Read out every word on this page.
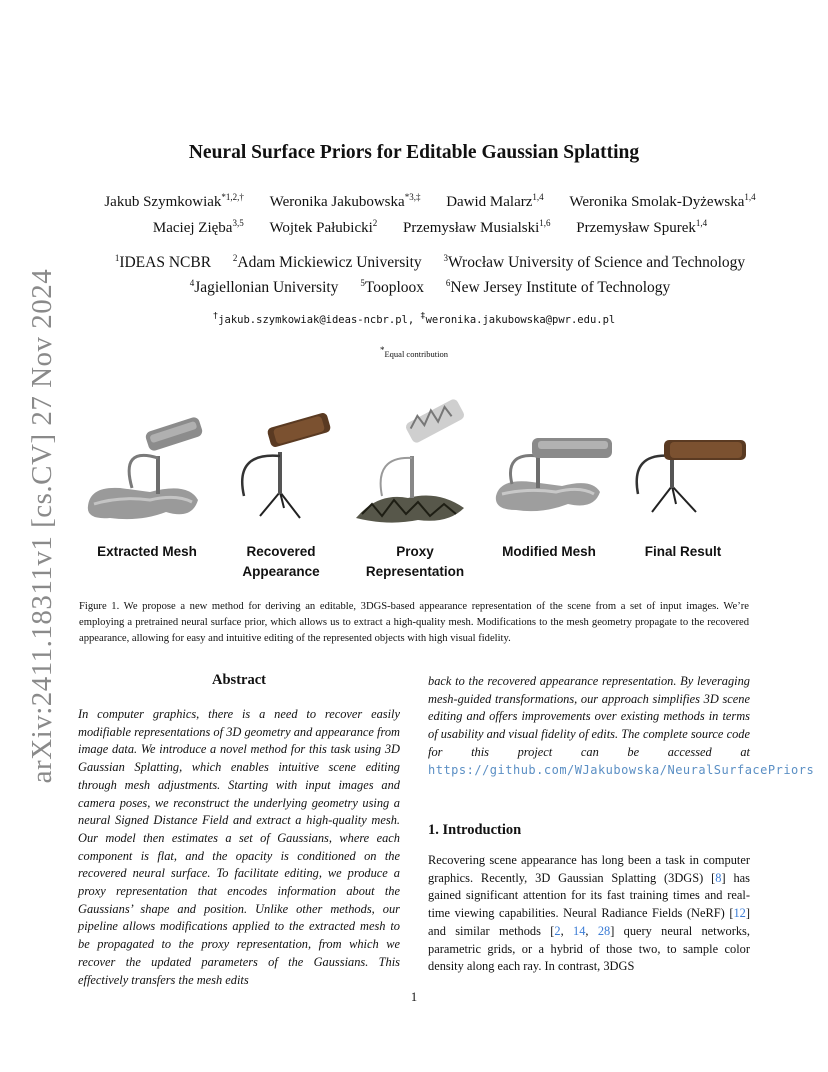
arXiv:2411.18311v1 [cs.CV] 27 Nov 2024
Neural Surface Priors for Editable Gaussian Splatting
Jakub Szymkowiak$^{*1,2,\dagger}$ Weronika Jakubowska$^{*3,\ddagger}$ Dawid Malarz$^{1,4}$ Weronika Smolak-Dyżewska$^{1,4}$
Maciej Zięba$^{3,5}$ Wojtek Pałubicki$^2$ Przemysław Musialski$^{1,6}$ Przemysław Spurek$^{1,4}$
$^1$IDEAS NCBR $^2$Adam Mickiewicz University $^3$Wrocław University of Science and Technology
$^4$Jagiellonian University $^5$Tooploox $^6$New Jersey Institute of Technology
†jakub.szymkowiak@ideas-ncbr.pl, ‡weronika.jakubowska@pwr.edu.pl
*Equal contribution
Extracted Mesh	Recovered
Appearance
Proxy
Representation
Modified Mesh	Final Result
Figure 1. We propose a new method for deriving an editable, 3DGS-based appearance representation of the scene from a set of input images. We’re employing a pretrained neural surface prior, which allows us to extract a high-quality mesh. Modifications to the mesh geometry propagate to the recovered appearance, allowing for easy and intuitive editing of the represented objects with high visual fidelity.
Abstract
In computer graphics, there is a need to recover easily modifiable representations of 3D geometry and appearance from image data. We introduce a novel method for this task using 3D Gaussian Splatting, which enables intuitive scene editing through mesh adjustments. Starting with input images and camera poses, we reconstruct the underlying geometry using a neural Signed Distance Field and extract a high-quality mesh. Our model then estimates a set of Gaussians, where each component is flat, and the opacity is conditioned on the recovered neural surface. To facilitate editing, we produce a proxy representation that encodes information about the Gaussians’ shape and position. Unlike other methods, our pipeline allows modifications applied to the extracted mesh to be propagated to the proxy representation, from which we recover the updated parameters of the Gaussians. This effectively transfers the mesh edits
back to the recovered appearance representation. By leveraging mesh-guided transformations, our approach simplifies 3D scene editing and offers improvements over existing methods in terms of usability and visual fidelity of edits. The complete source code for this project can be accessed at https://github.com/WJakubowska/NeuralSurfacePriors
1. Introduction
Recovering scene appearance has long been a task in computer graphics. Recently, 3D Gaussian Splatting (3DGS) [8] has gained significant attention for its fast training times and real-time viewing capabilities. Neural Radiance Fields (NeRF) [12] and similar methods [2, 14, 28] query neural networks, parametric grids, or a hybrid of those two, to sample color density along each ray. In contrast, 3DGS
1
